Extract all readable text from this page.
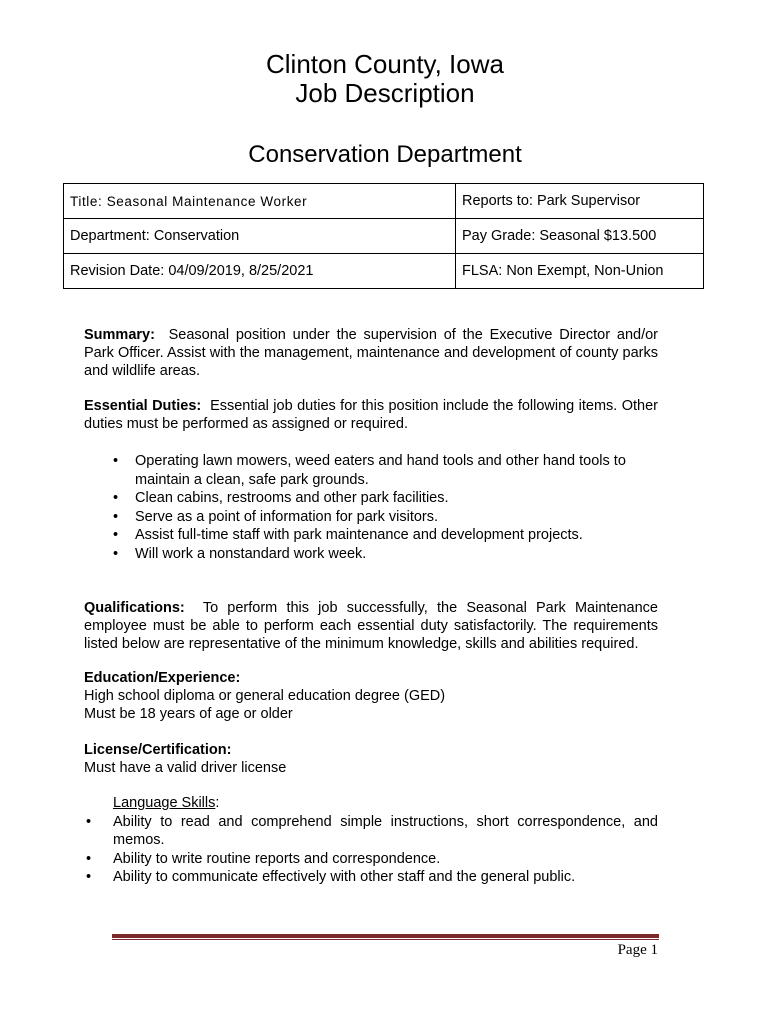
Clinton County, Iowa
Job Description
Conservation Department
Title: Seasonal Maintenance Worker	Reports to: Park Supervisor
Department: Conservation	Pay Grade: Seasonal $13.500
Revision Date: 04/09/2019, 8/25/2021	FLSA: Non Exempt, Non-Union

Summary: Seasonal position under the supervision of the Executive Director and/or Park Officer. Assist with the management, maintenance and development of county parks and wildlife areas.

Essential Duties: Essential job duties for this position include the following items. Other duties must be performed as assigned or required.

• Operating lawn mowers, weed eaters and hand tools and other hand tools to maintain a clean, safe park grounds.
• Clean cabins, restrooms and other park facilities.
• Serve as a point of information for park visitors.
• Assist full-time staff with park maintenance and development projects.
• Will work a nonstandard work week.

Qualifications: To perform this job successfully, the Seasonal Park Maintenance employee must be able to perform each essential duty satisfactorily. The requirements listed below are representative of the minimum knowledge, skills and abilities required.

Education/Experience:

High school diploma or general education degree (GED)

Must be 18 years of age or older

License/Certification:

Must have a valid driver license

Language Skills:
• Ability to read and comprehend simple instructions, short correspondence, and memos.
• Ability to write routine reports and correspondence.
• Ability to communicate effectively with other staff and the general public.
Page 1
